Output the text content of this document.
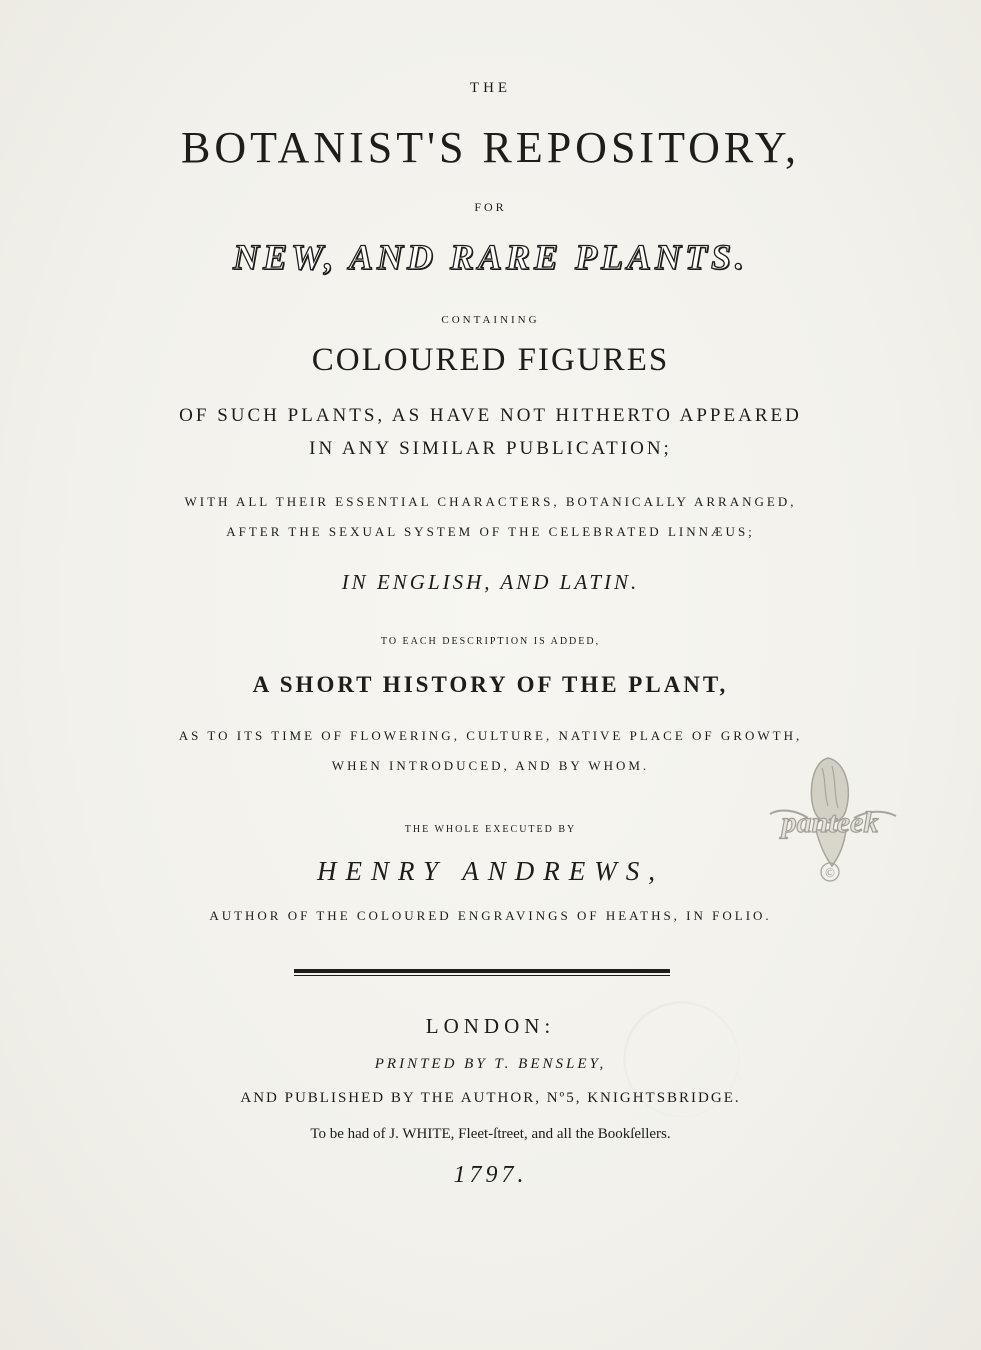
THE
BOTANIST'S REPOSITORY,
FOR
NEW, AND RARE PLANTS.
CONTAINING
COLOURED FIGURES
OF SUCH PLANTS, AS HAVE NOT HITHERTO APPEARED
IN ANY SIMILAR PUBLICATION;
WITH ALL THEIR ESSENTIAL CHARACTERS, BOTANICALLY ARRANGED,
AFTER THE SEXUAL SYSTEM OF THE CELEBRATED LINNÆUS;
IN ENGLISH, AND LATIN.
TO EACH DESCRIPTION IS ADDED,
A SHORT HISTORY OF THE PLANT,
AS TO ITS TIME OF FLOWERING, CULTURE, NATIVE PLACE OF GROWTH,
WHEN INTRODUCED, AND BY WHOM.
THE WHOLE EXECUTED BY
HENRY ANDREWS,
AUTHOR OF THE COLOURED ENGRAVINGS OF HEATHS, IN FOLIO.
LONDON:
PRINTED BY T. BENSLEY,
AND PUBLISHED BY THE AUTHOR, Nº5, KNIGHTSBRIDGE.
To be had of J. WHITE, Fleet-ſtreet, and all the Bookſellers.
1797.
panteek
©
